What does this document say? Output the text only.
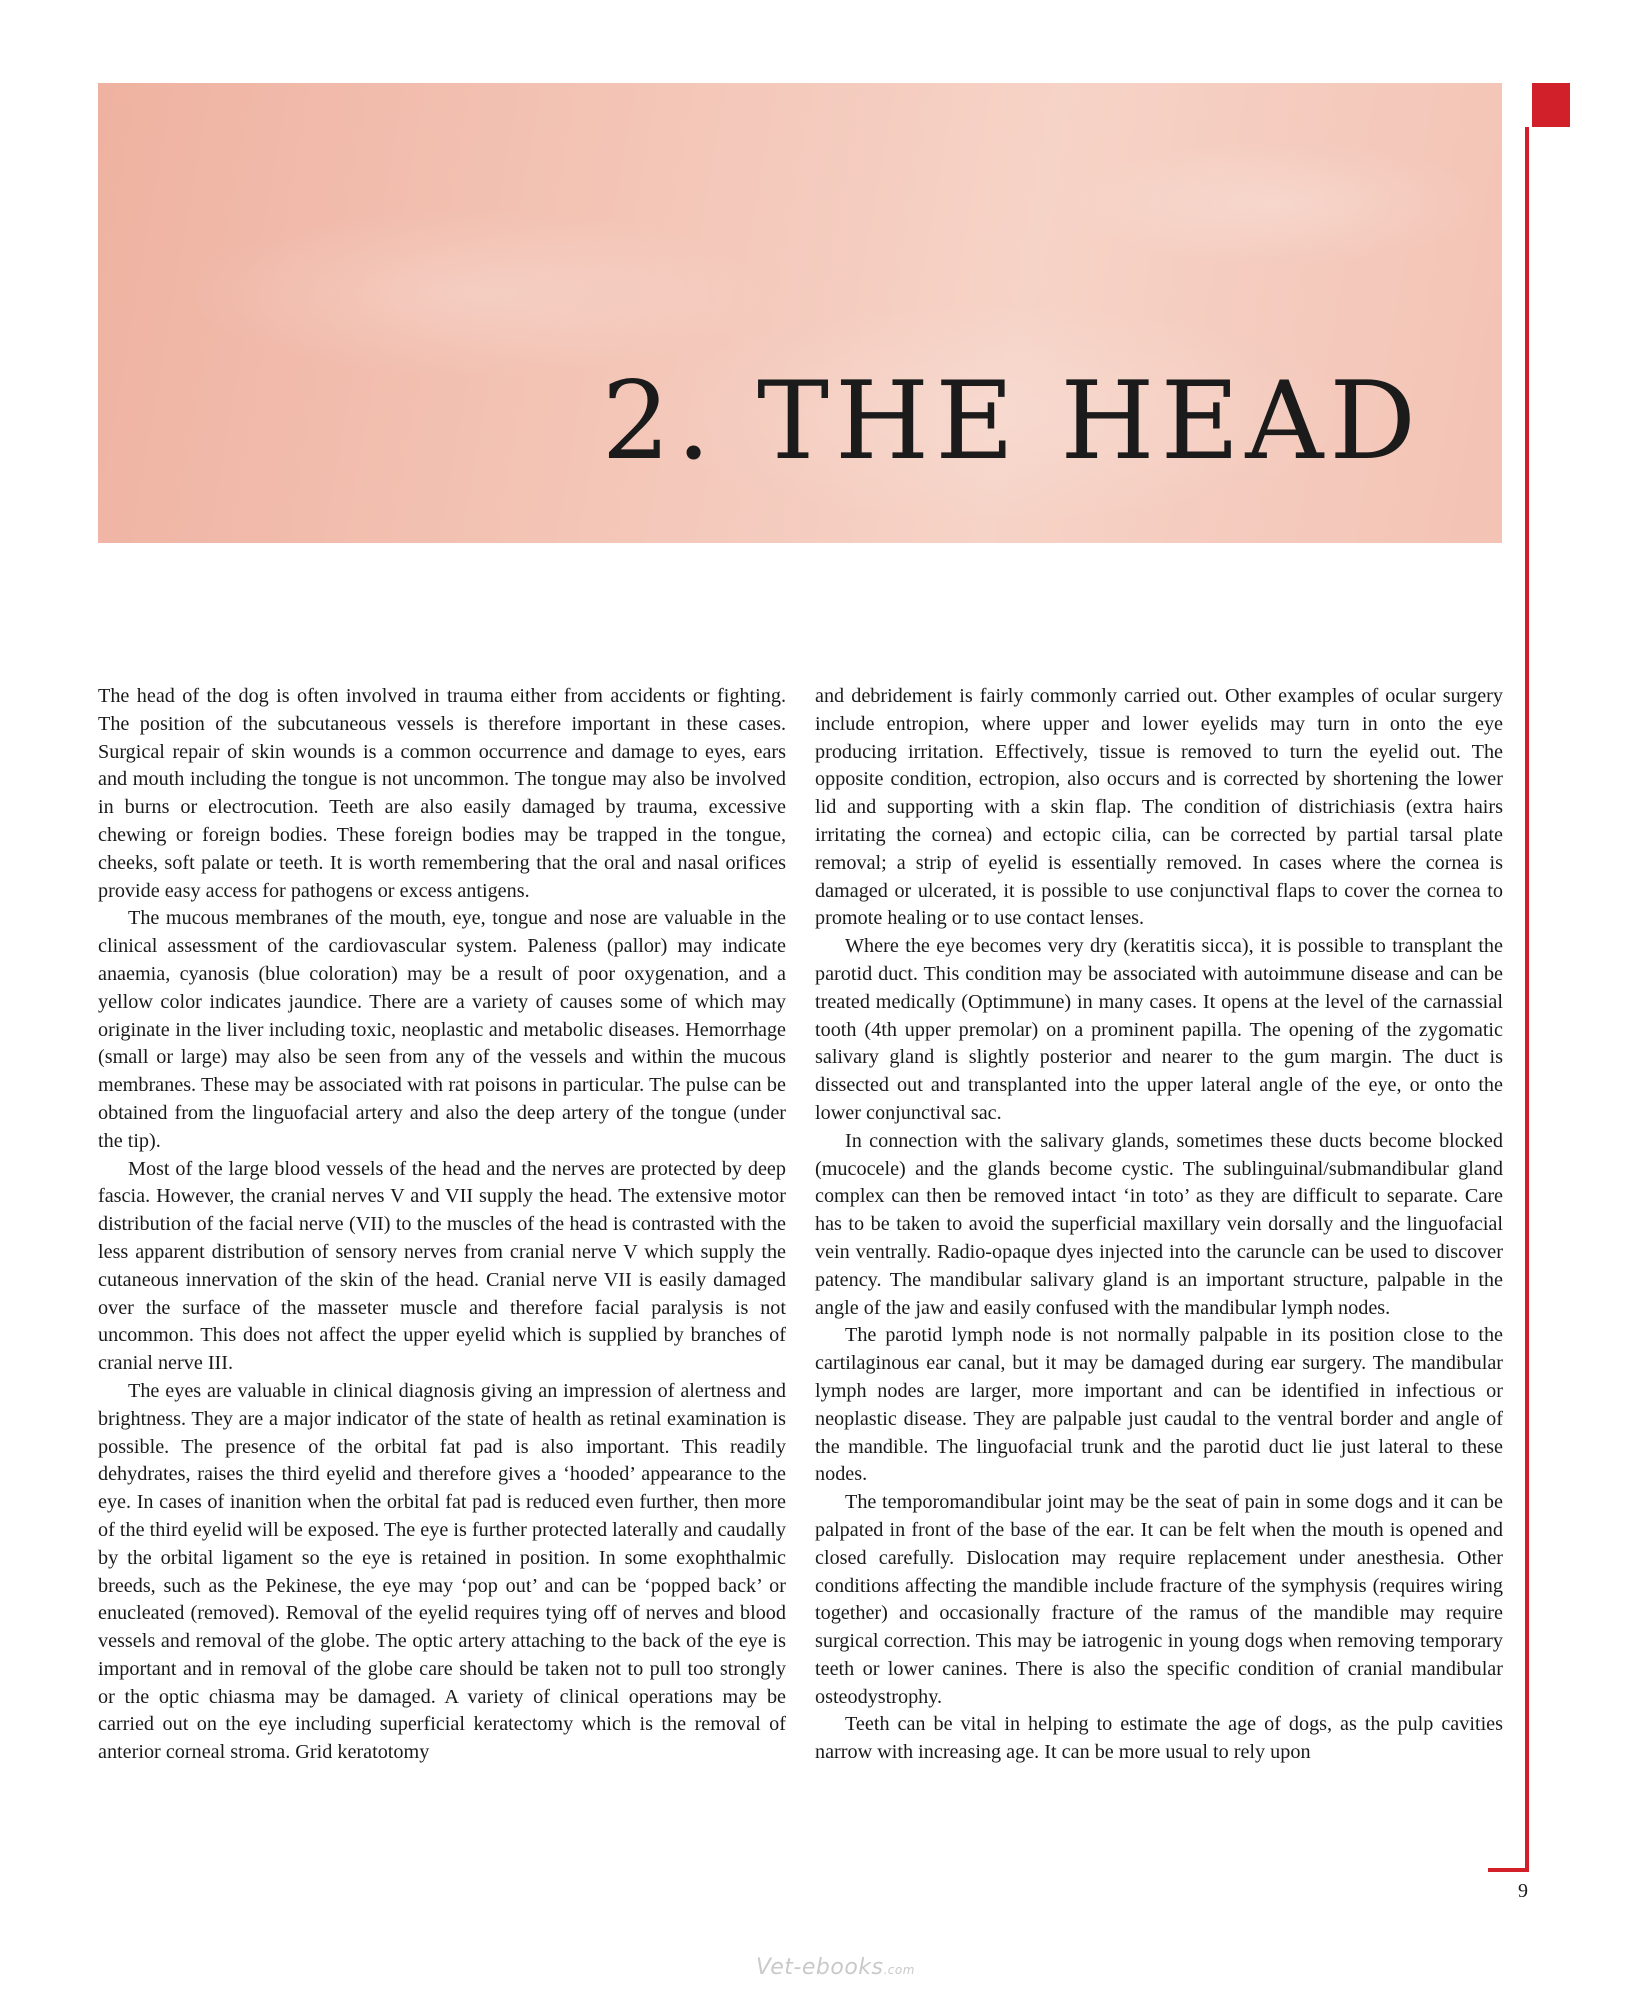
2. THE HEAD

The head of the dog is often involved in trauma either from accidents or fighting. The position of the subcutaneous vessels is therefore important in these cases. Surgical repair of skin wounds is a common occurrence and damage to eyes, ears and mouth including the tongue is not uncommon. The tongue may also be involved in burns or electrocution. Teeth are also easily damaged by trauma, excessive chewing or foreign bodies. These foreign bodies may be trapped in the tongue, cheeks, soft palate or teeth. It is worth remembering that the oral and nasal orifices provide easy access for pathogens or excess antigens.

The mucous membranes of the mouth, eye, tongue and nose are valuable in the clinical assessment of the cardiovascular system. Paleness (pallor) may indicate anaemia, cyanosis (blue coloration) may be a result of poor oxygenation, and a yellow color indicates jaundice. There are a variety of causes some of which may originate in the liver including toxic, neoplastic and metabolic diseases. Hemorrhage (small or large) may also be seen from any of the vessels and within the mucous membranes. These may be associated with rat poisons in particular. The pulse can be obtained from the linguofacial artery and also the deep artery of the tongue (under the tip).

Most of the large blood vessels of the head and the nerves are protected by deep fascia. However, the cranial nerves V and VII supply the head. The extensive motor distribution of the facial nerve (VII) to the muscles of the head is contrasted with the less apparent distribution of sensory nerves from cranial nerve V which supply the cutaneous innervation of the skin of the head. Cranial nerve VII is easily damaged over the surface of the masseter muscle and therefore facial paralysis is not uncommon. This does not affect the upper eyelid which is supplied by branches of cranial nerve III.

The eyes are valuable in clinical diagnosis giving an impression of alertness and brightness. They are a major indicator of the state of health as retinal examination is possible. The presence of the orbital fat pad is also important. This readily dehydrates, raises the third eyelid and therefore gives a ‘hooded’ appearance to the eye. In cases of inanition when the orbital fat pad is reduced even further, then more of the third eyelid will be exposed. The eye is further protected laterally and caudally by the orbital ligament so the eye is retained in position. In some exophthalmic breeds, such as the Pekinese, the eye may ‘pop out’ and can be ‘popped back’ or enucleated (removed). Removal of the eyelid requires tying off of nerves and blood vessels and removal of the globe. The optic artery attaching to the back of the eye is important and in removal of the globe care should be taken not to pull too strongly or the optic chiasma may be damaged. A variety of clinical operations may be carried out on the eye including superficial keratectomy which is the removal of anterior corneal stroma. Grid keratotomy

and debridement is fairly commonly carried out. Other examples of ocular surgery include entropion, where upper and lower eyelids may turn in onto the eye producing irritation. Effectively, tissue is removed to turn the eyelid out. The opposite condition, ectropion, also occurs and is corrected by shortening the lower lid and supporting with a skin flap. The condition of districhiasis (extra hairs irritating the cornea) and ectopic cilia, can be corrected by partial tarsal plate removal; a strip of eyelid is essentially removed. In cases where the cornea is damaged or ulcerated, it is possible to use conjunctival flaps to cover the cornea to promote healing or to use contact lenses.

Where the eye becomes very dry (keratitis sicca), it is possible to transplant the parotid duct. This condition may be associated with autoimmune disease and can be treated medically (Optimmune) in many cases. It opens at the level of the carnassial tooth (4th upper premolar) on a prominent papilla. The opening of the zygomatic salivary gland is slightly posterior and nearer to the gum margin. The duct is dissected out and transplanted into the upper lateral angle of the eye, or onto the lower conjunctival sac.

In connection with the salivary glands, sometimes these ducts become blocked (mucocele) and the glands become cystic. The sublinguinal/submandibular gland complex can then be removed intact ‘in toto’ as they are difficult to separate. Care has to be taken to avoid the superficial maxillary vein dorsally and the linguofacial vein ventrally. Radio-opaque dyes injected into the caruncle can be used to discover patency. The mandibular salivary gland is an important structure, palpable in the angle of the jaw and easily confused with the mandibular lymph nodes.

The parotid lymph node is not normally palpable in its position close to the cartilaginous ear canal, but it may be damaged during ear surgery. The mandibular lymph nodes are larger, more important and can be identified in infectious or neoplastic disease. They are palpable just caudal to the ventral border and angle of the mandible. The linguofacial trunk and the parotid duct lie just lateral to these nodes.

The temporomandibular joint may be the seat of pain in some dogs and it can be palpated in front of the base of the ear. It can be felt when the mouth is opened and closed carefully. Dislocation may require replacement under anesthesia. Other conditions affecting the mandible include fracture of the symphysis (requires wiring together) and occasionally fracture of the ramus of the mandible may require surgical correction. This may be iatrogenic in young dogs when removing temporary teeth or lower canines. There is also the specific condition of cranial mandibular osteodystrophy.

Teeth can be vital in helping to estimate the age of dogs, as the pulp cavities narrow with increasing age. It can be more usual to rely upon

9
Vet-ebooks.com
